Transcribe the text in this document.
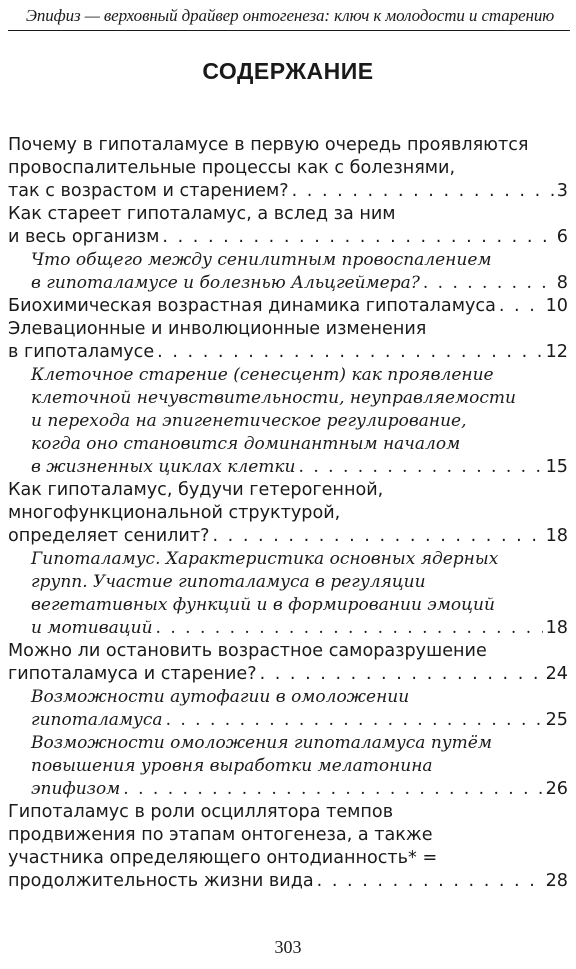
Эпифиз — верховный драйвер онтогенеза: ключ к молодости и старению
СОДЕРЖАНИЕ
Почему в гипоталамусе в первую очередь проявляются
провоспалительные процессы как с болезнями,
так с возрастом и старением? . . .	3
Как стареет гипоталамус, а вслед за ним
и весь организм . . .	6
Что общего между сенилитным провоспалением
в гипоталамусе и болезнью Альцгеймера? . . .	8
Биохимическая возрастная динамика гипоталамуса . . .	10
Элевационные и инволюционные изменения
в гипоталамусе . . .	12
Клеточное старение (сенесцент) как проявление
клеточной нечувствительности, неуправляемости
и перехода на эпигенетическое регулирование,
когда оно становится доминантным началом
в жизненных циклах клетки . . .	15
Как гипоталамус, будучи гетерогенной,
многофункциональной структурой,
определяет сенилит? . . .	18
Гипоталамус. Характеристика основных ядерных
групп. Участие гипоталамуса в регуляции
вегетативных функций и в формировании эмоций
и мотиваций . . .	18
Можно ли остановить возрастное саморазрушение
гипоталамуса и старение? . . .	24
Возможности аутофагии в омоложении
гипоталамуса . . .	25
Возможности омоложения гипоталамуса путём
повышения уровня выработки мелатонина
эпифизом . . .	26
Гипоталамус в роли осциллятора темпов
продвижения по этапам онтогенеза, а также
участника определяющего онтодианность* =
продолжительность жизни вида . . .	28
303
